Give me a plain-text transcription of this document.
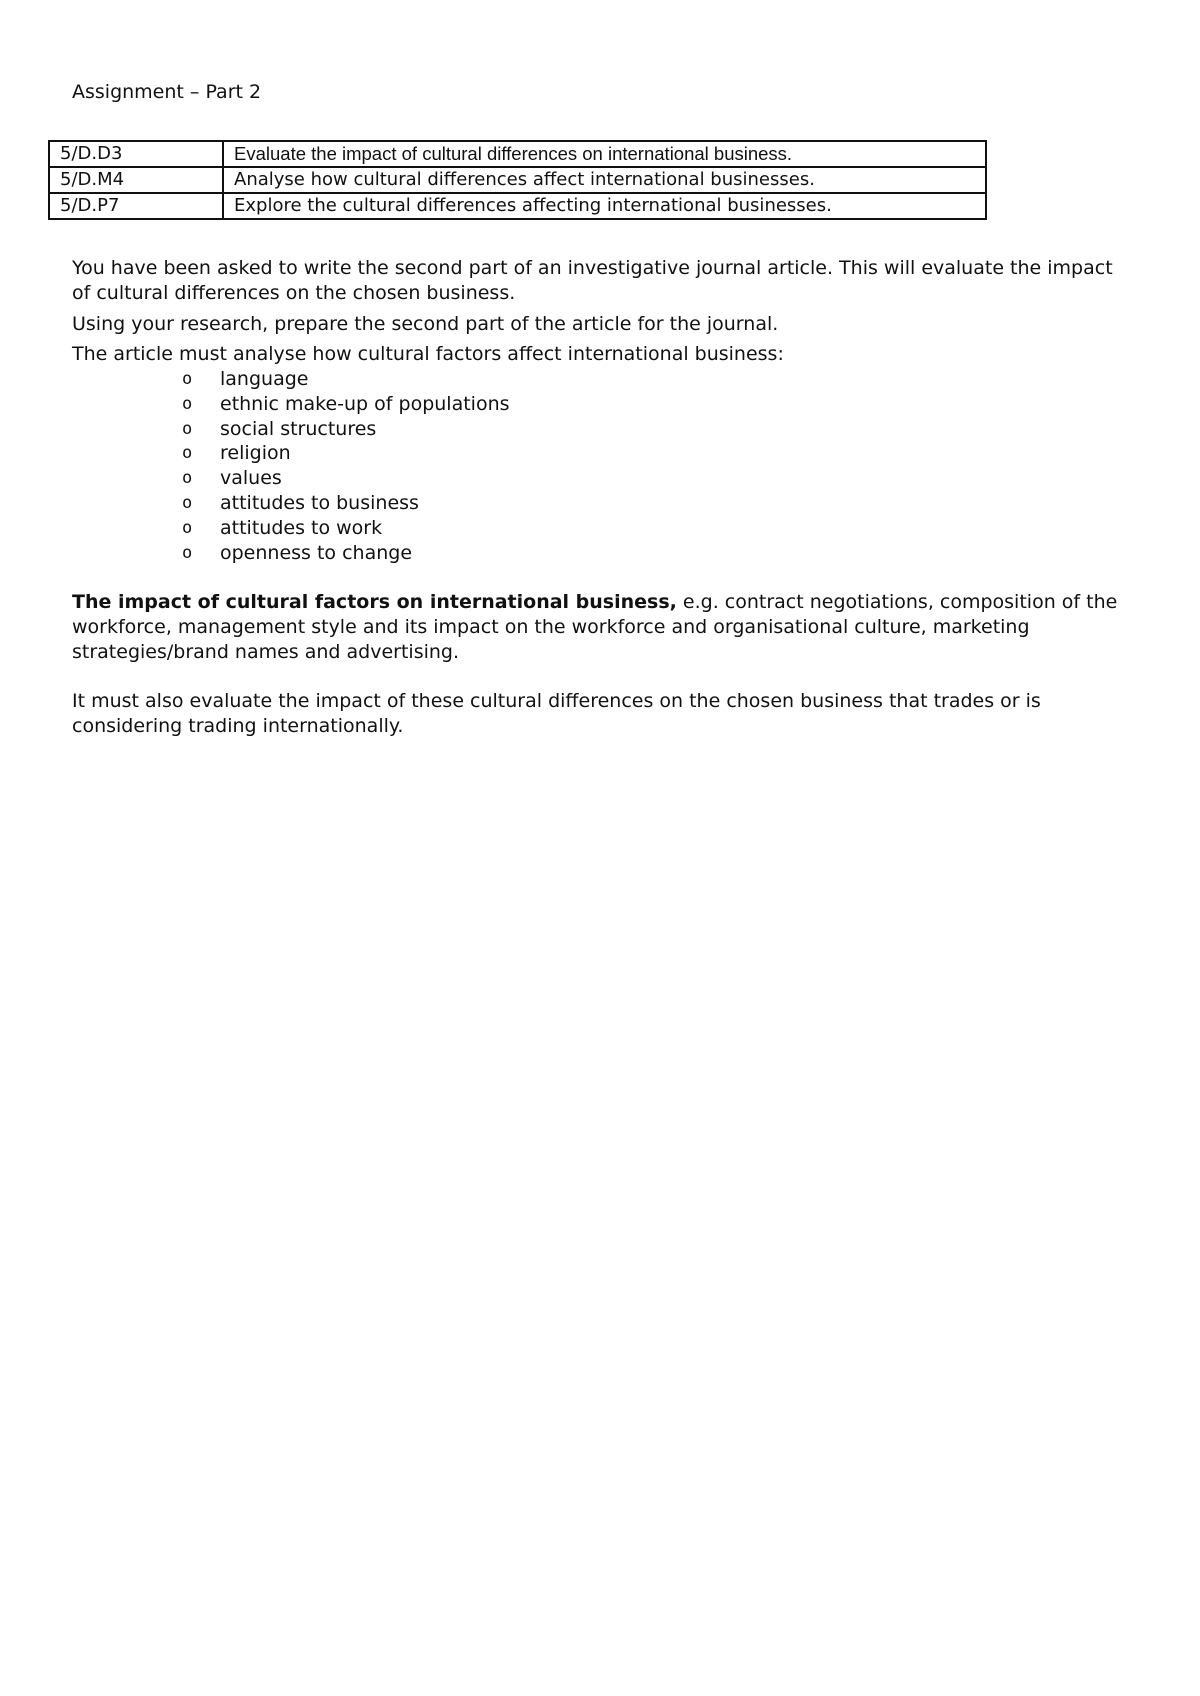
Assignment – Part 2
5/D.D3	Evaluate the impact of cultural differences on international business.
5/D.M4	Analyse how cultural differences affect international businesses.
5/D.P7	Explore the cultural differences affecting international businesses.
You have been asked to write the second part of an investigative journal article. This will evaluate the impact of cultural differences on the chosen business.
Using your research, prepare the second part of the article for the journal.
The article must analyse how cultural factors affect international business:
o language
o ethnic make-up of populations
o social structures
o religion
o values
o attitudes to business
o attitudes to work
o openness to change
The impact of cultural factors on international business, e.g. contract negotiations, composition of the workforce, management style and its impact on the workforce and organisational culture, marketing strategies/brand names and advertising.
It must also evaluate the impact of these cultural differences on the chosen business that trades or is considering trading internationally.
